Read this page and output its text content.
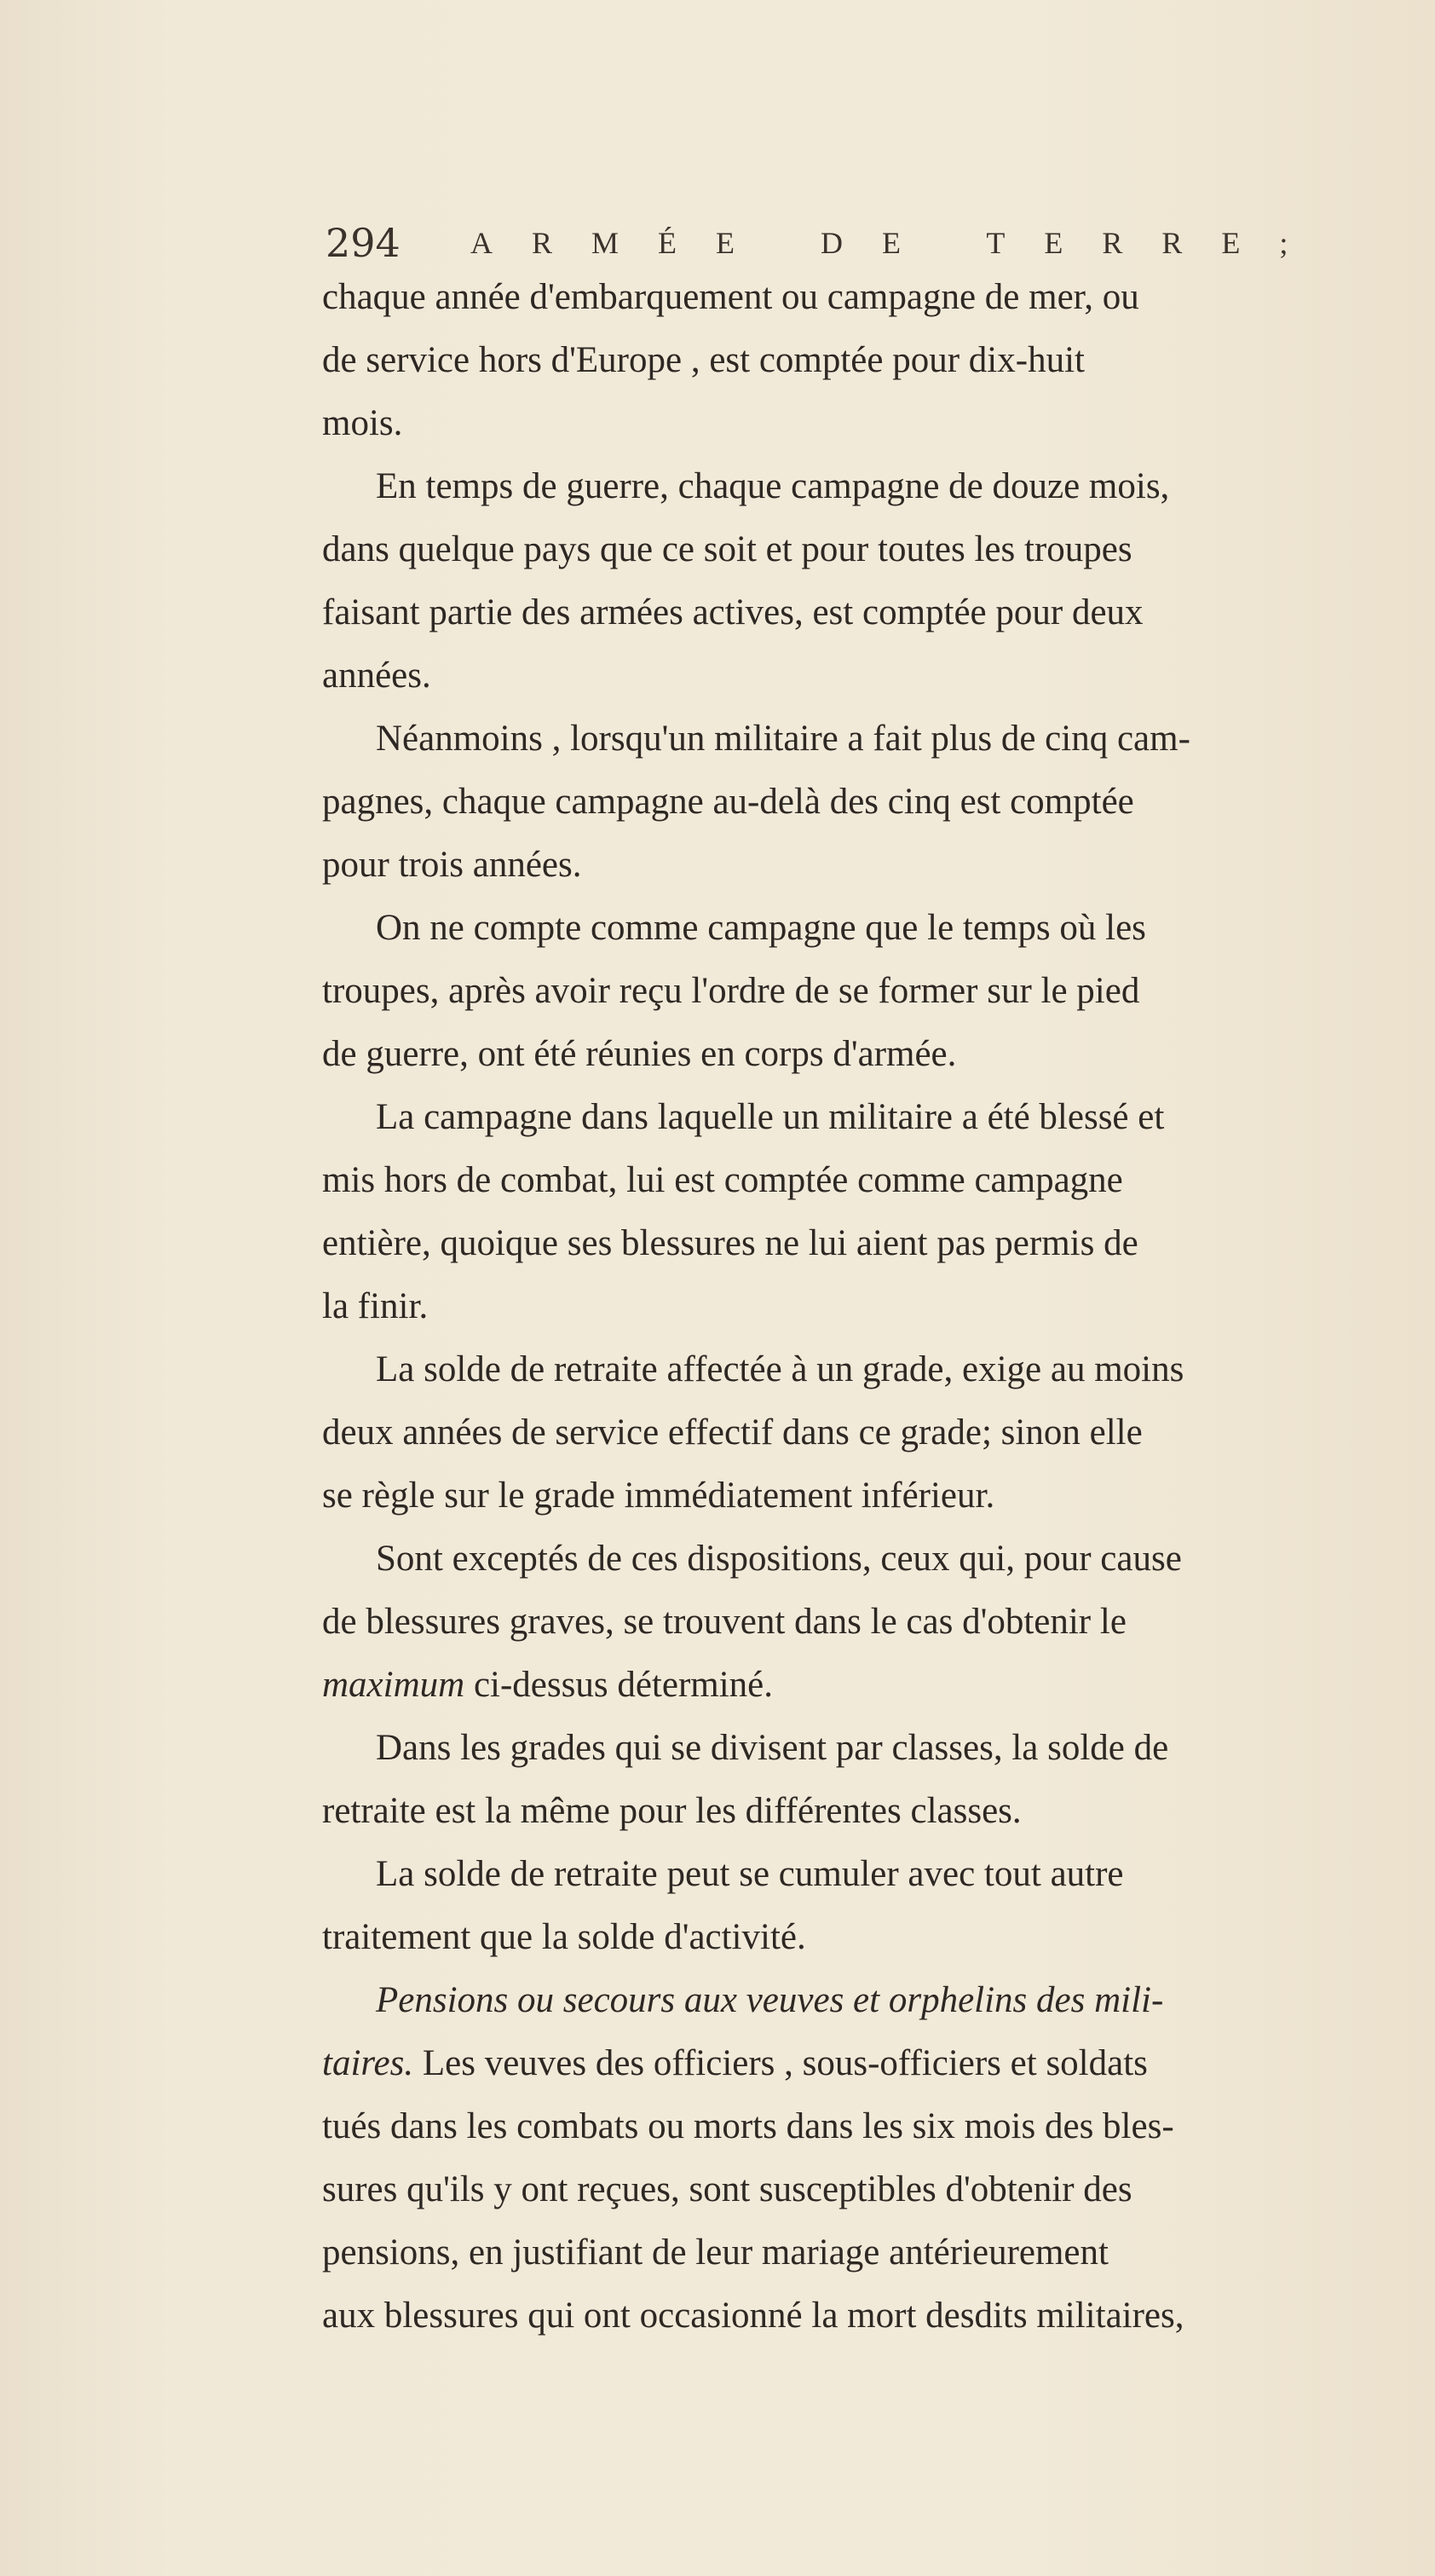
294	ARMÉE DE TERRE;
chaque année d'embarquement ou campagne de mer, ou
de service hors d'Europe , est comptée pour dix-huit
mois.
En temps de guerre, chaque campagne de douze mois,
dans quelque pays que ce soit et pour toutes les troupes
faisant partie des armées actives, est comptée pour deux
années.
Néanmoins , lorsqu'un militaire a fait plus de cinq cam-
pagnes, chaque campagne au-delà des cinq est comptée
pour trois années.
On ne compte comme campagne que le temps où les
troupes, après avoir reçu l'ordre de se former sur le pied
de guerre, ont été réunies en corps d'armée.
La campagne dans laquelle un militaire a été blessé et
mis hors de combat, lui est comptée comme campagne
entière, quoique ses blessures ne lui aient pas permis de
la finir.
La solde de retraite affectée à un grade, exige au moins
deux années de service effectif dans ce grade; sinon elle
se règle sur le grade immédiatement inférieur.
Sont exceptés de ces dispositions, ceux qui, pour cause
de blessures graves, se trouvent dans le cas d'obtenir le
maximum ci-dessus déterminé.
Dans les grades qui se divisent par classes, la solde de
retraite est la même pour les différentes classes.
La solde de retraite peut se cumuler avec tout autre
traitement que la solde d'activité.
Pensions ou secours aux veuves et orphelins des mili-
taires. Les veuves des officiers , sous-officiers et soldats
tués dans les combats ou morts dans les six mois des bles-
sures qu'ils y ont reçues, sont susceptibles d'obtenir des
pensions, en justifiant de leur mariage antérieurement
aux blessures qui ont occasionné la mort desdits militaires,
